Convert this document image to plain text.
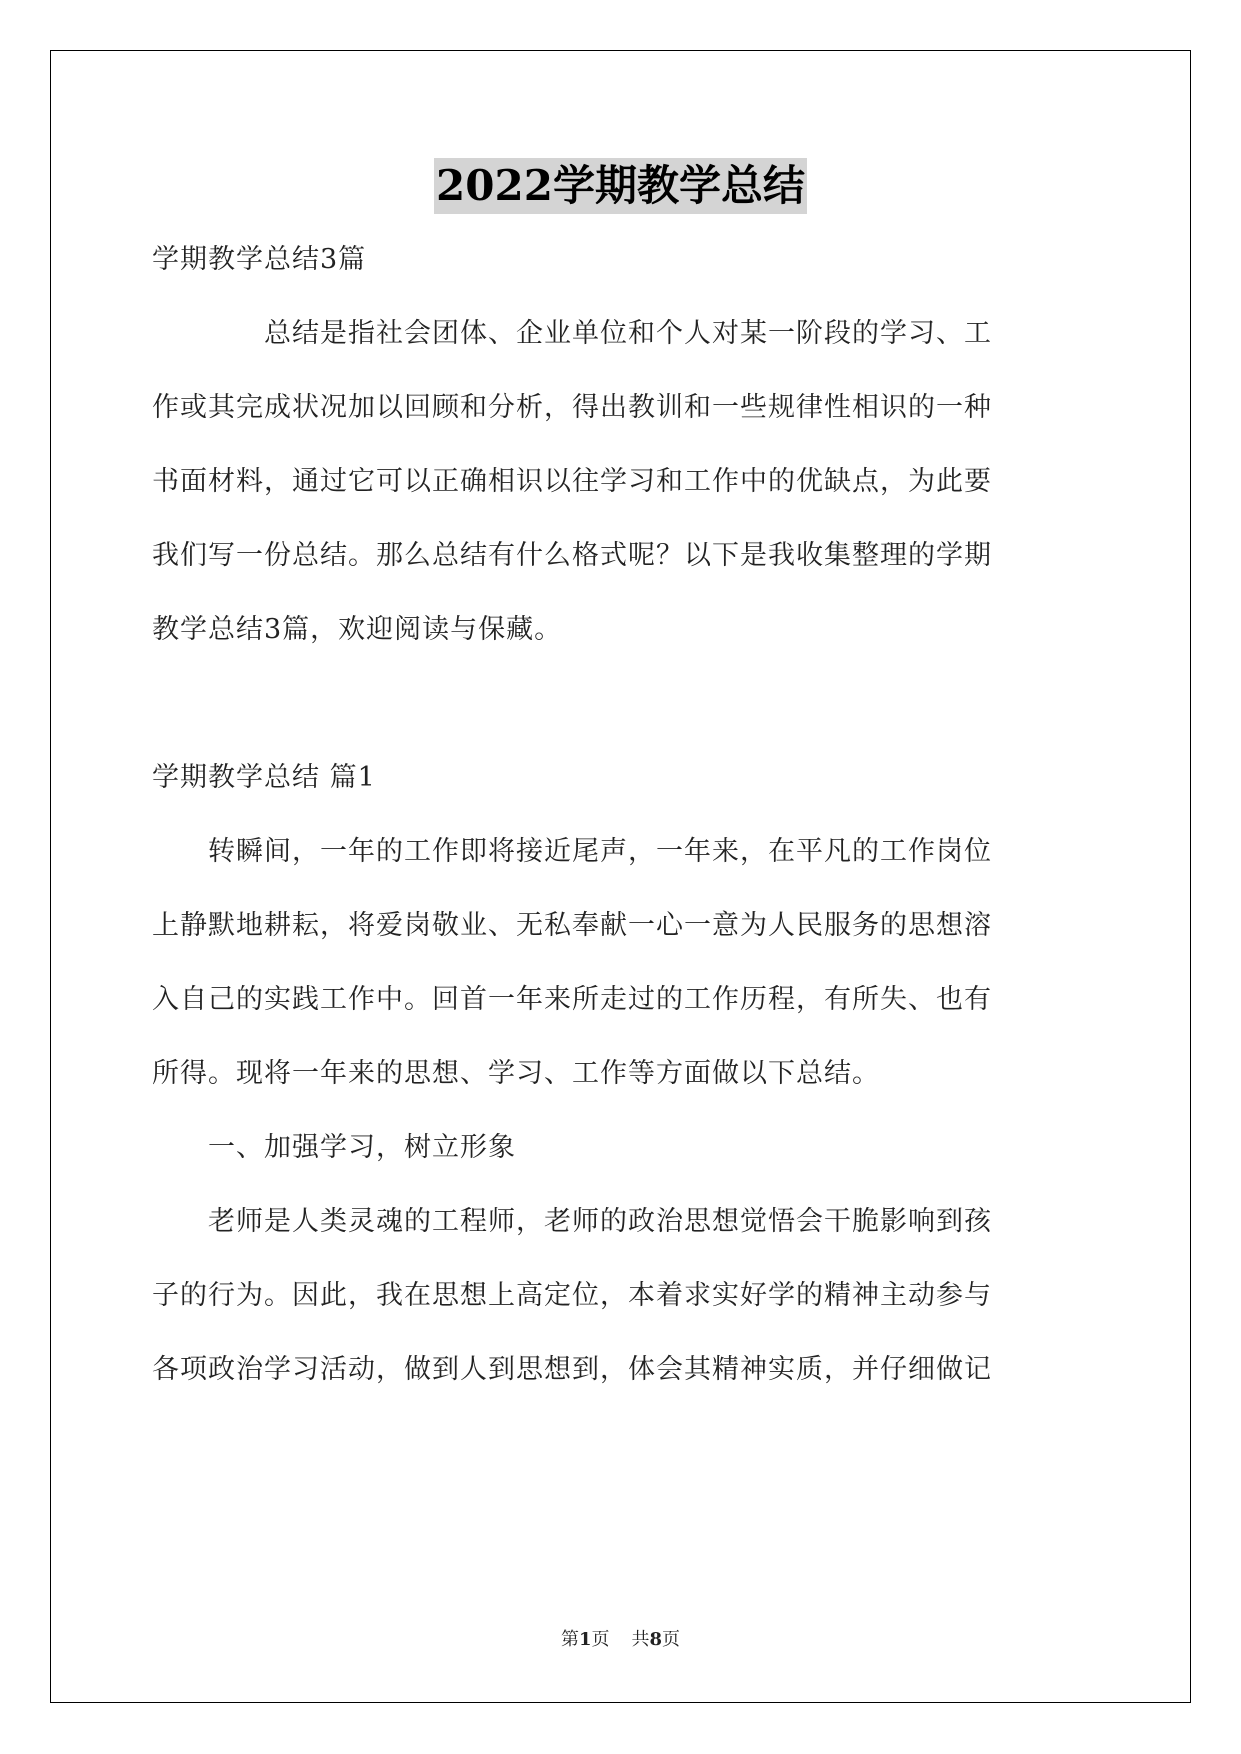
2022学期教学总结
学期教学总结3篇
　　　　总结是指社会团体、企业单位和个人对某一阶段的学习、工
作或其完成状况加以回顾和分析，得出教训和一些规律性相识的一种
书面材料，通过它可以正确相识以往学习和工作中的优缺点，为此要
我们写一份总结。那么总结有什么格式呢？以下是我收集整理的学期
教学总结3篇，欢迎阅读与保藏。
学期教学总结 篇1
　　转瞬间，一年的工作即将接近尾声，一年来，在平凡的工作岗位
上静默地耕耘，将爱岗敬业、无私奉献一心一意为人民服务的思想溶
入自己的实践工作中。回首一年来所走过的工作历程，有所失、也有
所得。现将一年来的思想、学习、工作等方面做以下总结。
　　一、加强学习，树立形象
　　老师是人类灵魂的工程师，老师的政治思想觉悟会干脆影响到孩
子的行为。因此，我在思想上高定位，本着求实好学的精神主动参与
各项政治学习活动，做到人到思想到，体会其精神实质，并仔细做记
第1页 共8页
